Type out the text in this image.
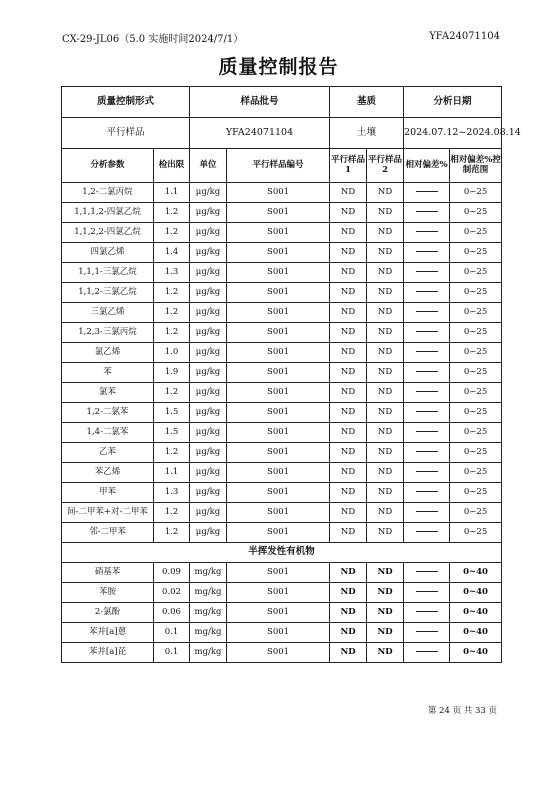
CX-29-JL06（5.0 实施时间2024/7/1）	YFA24071104
质量控制报告
质量控制形式		样品批号		基质		分析日期	
平行样品		YFA24071104		土壤		2024.07.12~2024.08.14	
分析参数	检出限	单位	平行样品编号	平行样品1	平行样品2	相对偏差%	相对偏差%控制范围
1,2-二氯丙烷	1.1	μg/kg	S001	ND	ND		0~25
1,1,1,2-四氯乙烷	1.2	μg/kg	S001	ND	ND		0~25
1,1,2,2-四氯乙烷	1.2	μg/kg	S001	ND	ND		0~25
四氯乙烯	1.4	μg/kg	S001	ND	ND		0~25
1,1,1-三氯乙烷	1.3	μg/kg	S001	ND	ND		0~25
1,1,2-三氯乙烷	1.2	μg/kg	S001	ND	ND		0~25
三氯乙烯	1.2	μg/kg	S001	ND	ND		0~25
1,2,3-三氯丙烷	1.2	μg/kg	S001	ND	ND		0~25
氯乙烯	1.0	μg/kg	S001	ND	ND		0~25
苯	1.9	μg/kg	S001	ND	ND		0~25
氯苯	1.2	μg/kg	S001	ND	ND		0~25
1,2-二氯苯	1.5	μg/kg	S001	ND	ND		0~25
1,4-二氯苯	1.5	μg/kg	S001	ND	ND		0~25
乙苯	1.2	μg/kg	S001	ND	ND		0~25
苯乙烯	1.1	μg/kg	S001	ND	ND		0~25
甲苯	1.3	μg/kg	S001	ND	ND		0~25
间-二甲苯+对-二甲苯	1.2	μg/kg	S001	ND	ND		0~25
邻-二甲苯	1.2	μg/kg	S001	ND	ND		0~25
半挥发性有机物							
硝基苯	0.09	mg/kg	S001	ND	ND		0~40
苯胺	0.02	mg/kg	S001	ND	ND		0~40
2-氯酚	0.06	mg/kg	S001	ND	ND		0~40
苯并[a]蒽	0.1	mg/kg	S001	ND	ND		0~40
苯并[a]芘	0.1	mg/kg	S001	ND	ND		0~40
第 24 页 共 33 页
